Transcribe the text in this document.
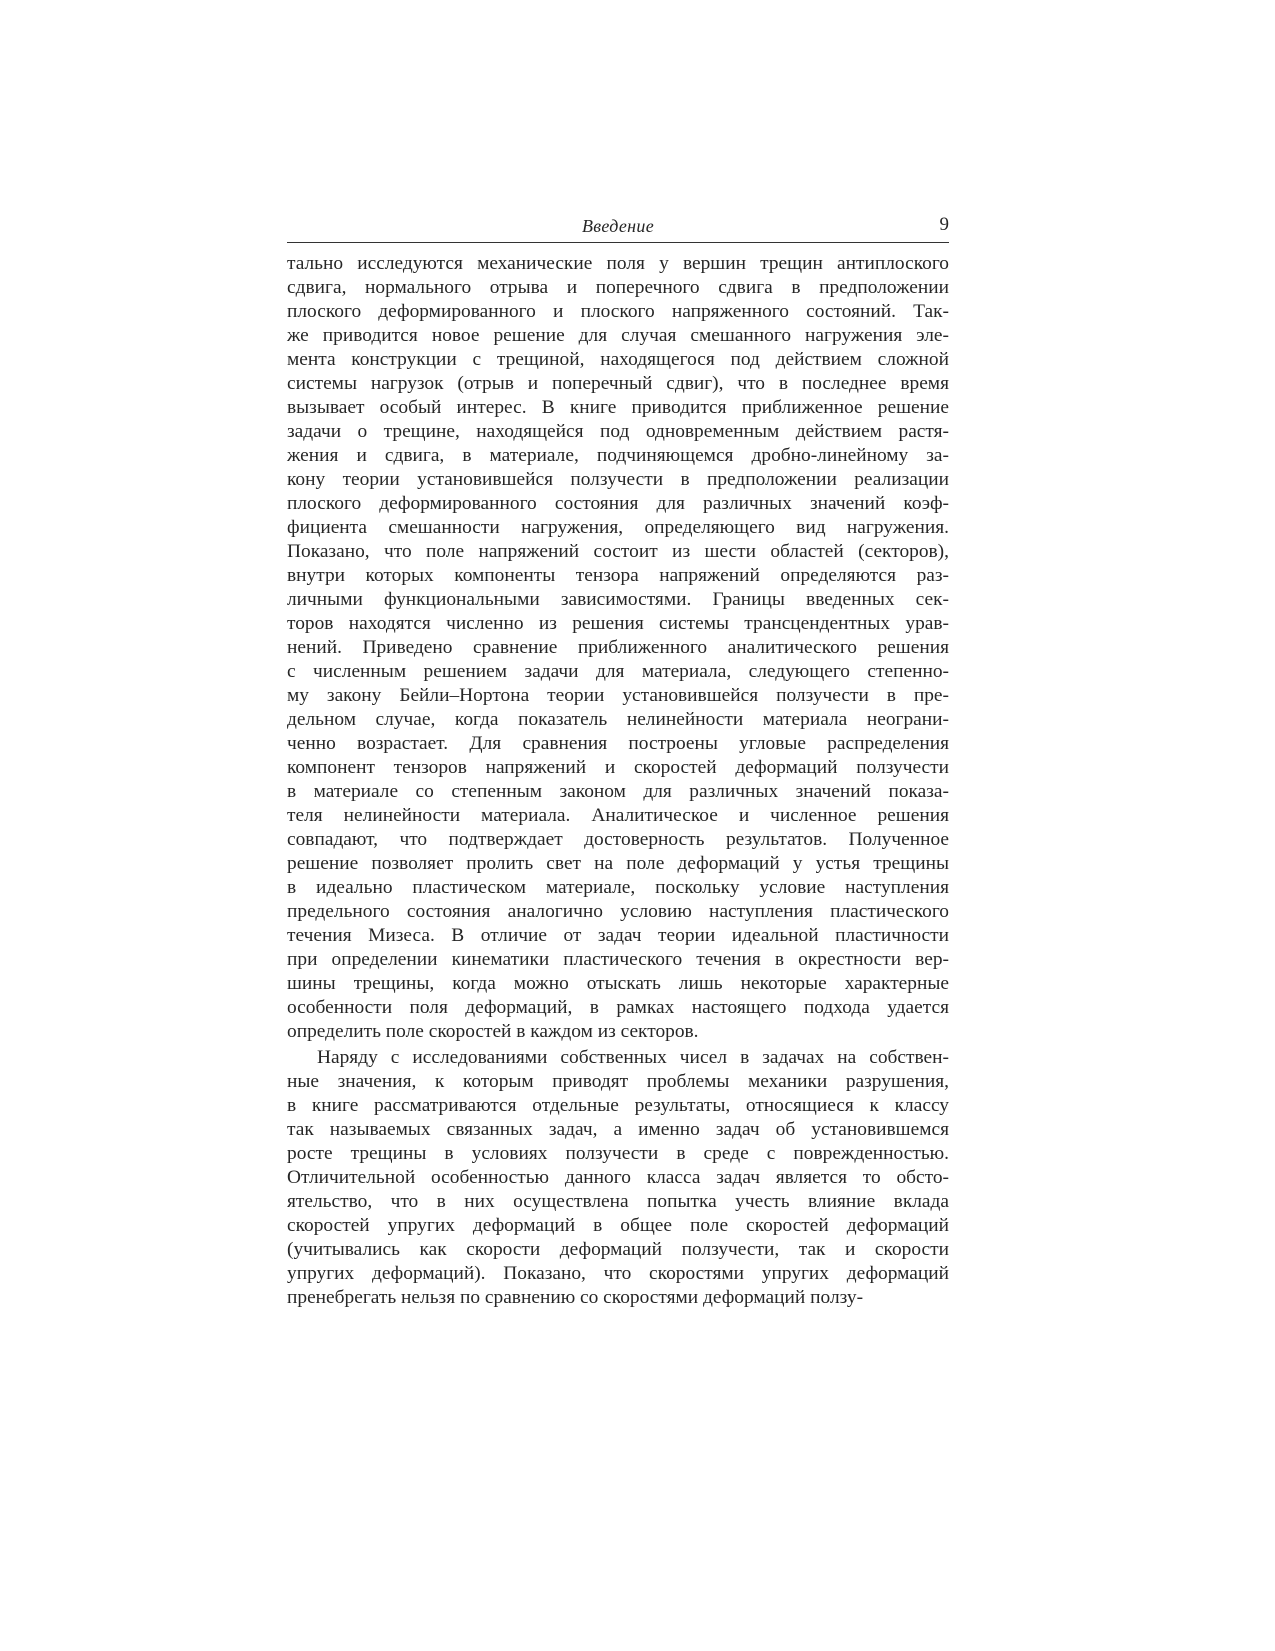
Введение	9
тально исследуются механические поля у вершин трещин антиплоского
сдвига, нормального отрыва и поперечного сдвига в предположении
плоского деформированного и плоского напряженного состояний. Так-
же приводится новое решение для случая смешанного нагружения эле-
мента конструкции с трещиной, находящегося под действием сложной
системы нагрузок (отрыв и поперечный сдвиг), что в последнее время
вызывает особый интерес. В книге приводится приближенное решение
задачи о трещине, находящейся под одновременным действием растя-
жения и сдвига, в материале, подчиняющемся дробно-линейному за-
кону теории установившейся ползучести в предположении реализации
плоского деформированного состояния для различных значений коэф-
фициента смешанности нагружения, определяющего вид нагружения.
Показано, что поле напряжений состоит из шести областей (секторов),
внутри которых компоненты тензора напряжений определяются раз-
личными функциональными зависимостями. Границы введенных сек-
торов находятся численно из решения системы трансцендентных урав-
нений. Приведено сравнение приближенного аналитического решения
с численным решением задачи для материала, следующего степенно-
му закону Бейли–Нортона теории установившейся ползучести в пре-
дельном случае, когда показатель нелинейности материала неограни-
ченно возрастает. Для сравнения построены угловые распределения
компонент тензоров напряжений и скоростей деформаций ползучести
в материале со степенным законом для различных значений показа-
теля нелинейности материала. Аналитическое и численное решения
совпадают, что подтверждает достоверность результатов. Полученное
решение позволяет пролить свет на поле деформаций у устья трещины
в идеально пластическом материале, поскольку условие наступления
предельного состояния аналогично условию наступления пластического
течения Мизеса. В отличие от задач теории идеальной пластичности
при определении кинематики пластического течения в окрестности вер-
шины трещины, когда можно отыскать лишь некоторые характерные
особенности поля деформаций, в рамках настоящего подхода удается
определить поле скоростей в каждом из секторов.
Наряду с исследованиями собственных чисел в задачах на собствен-
ные значения, к которым приводят проблемы механики разрушения,
в книге рассматриваются отдельные результаты, относящиеся к классу
так называемых связанных задач, а именно задач об установившемся
росте трещины в условиях ползучести в среде с поврежденностью.
Отличительной особенностью данного класса задач является то обсто-
ятельство, что в них осуществлена попытка учесть влияние вклада
скоростей упругих деформаций в общее поле скоростей деформаций
(учитывались как скорости деформаций ползучести, так и скорости
упругих деформаций). Показано, что скоростями упругих деформаций
пренебрегать нельзя по сравнению со скоростями деформаций ползу-
